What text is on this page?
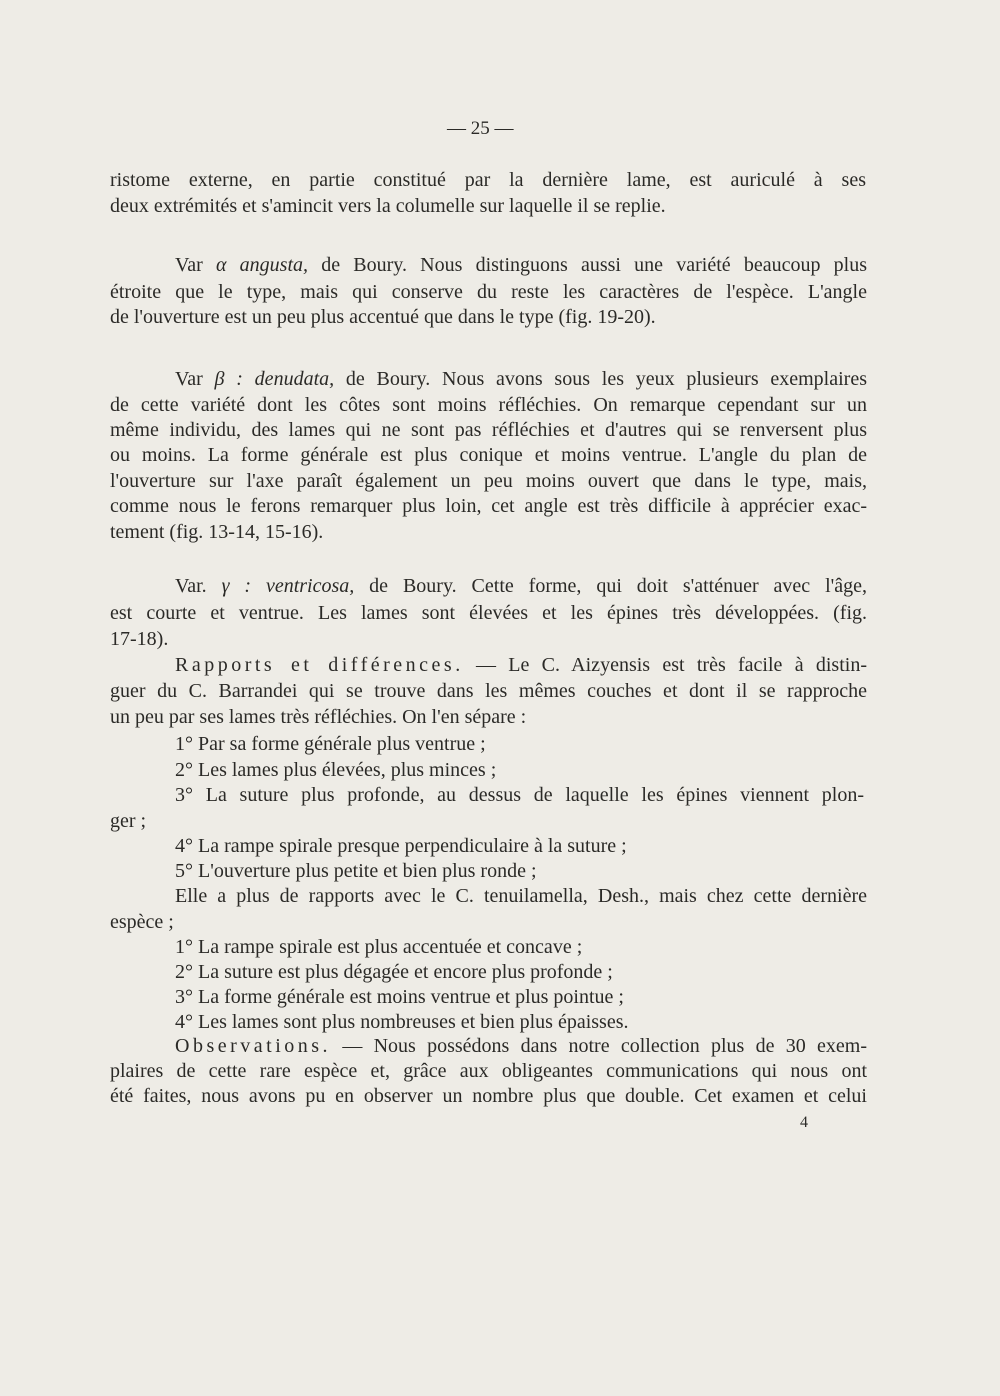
— 25 —
ristome externe, en partie constitué par la dernière lame, est auriculé à ses
deux extrémités et s'amincit vers la columelle sur laquelle il se replie.
Var α angusta, de Boury. Nous distinguons aussi une variété beaucoup plus
étroite que le type, mais qui conserve du reste les caractères de l'espèce. L'angle
de l'ouverture est un peu plus accentué que dans le type (fig. 19-20).
Var β : denudata, de Boury. Nous avons sous les yeux plusieurs exemplaires
de cette variété dont les côtes sont moins réfléchies. On remarque cependant sur un
même individu, des lames qui ne sont pas réfléchies et d'autres qui se renversent plus
ou moins. La forme générale est plus conique et moins ventrue. L'angle du plan de
l'ouverture sur l'axe paraît également un peu moins ouvert que dans le type, mais,
comme nous le ferons remarquer plus loin, cet angle est très difficile à apprécier exac-
tement (fig. 13-14, 15-16).
Var. γ : ventricosa, de Boury. Cette forme, qui doit s'atténuer avec l'âge,
est courte et ventrue. Les lames sont élevées et les épines très développées. (fig.
17-18).
Rapports et différences. — Le C. Aizyensis est très facile à distin-
guer du C. Barrandei qui se trouve dans les mêmes couches et dont il se rapproche
un peu par ses lames très réfléchies. On l'en sépare :
1° Par sa forme générale plus ventrue ;
2° Les lames plus élevées, plus minces ;
3° La suture plus profonde, au dessus de laquelle les épines viennent plon-
ger ;
4° La rampe spirale presque perpendiculaire à la suture ;
5° L'ouverture plus petite et bien plus ronde ;
Elle a plus de rapports avec le C. tenuilamella, Desh., mais chez cette dernière
espèce ;
1° La rampe spirale est plus accentuée et concave ;
2° La suture est plus dégagée et encore plus profonde ;
3° La forme générale est moins ventrue et plus pointue ;
4° Les lames sont plus nombreuses et bien plus épaisses.
Observations. — Nous possédons dans notre collection plus de 30 exem-
plaires de cette rare espèce et, grâce aux obligeantes communications qui nous ont
été faites, nous avons pu en observer un nombre plus que double. Cet examen et celui
4
